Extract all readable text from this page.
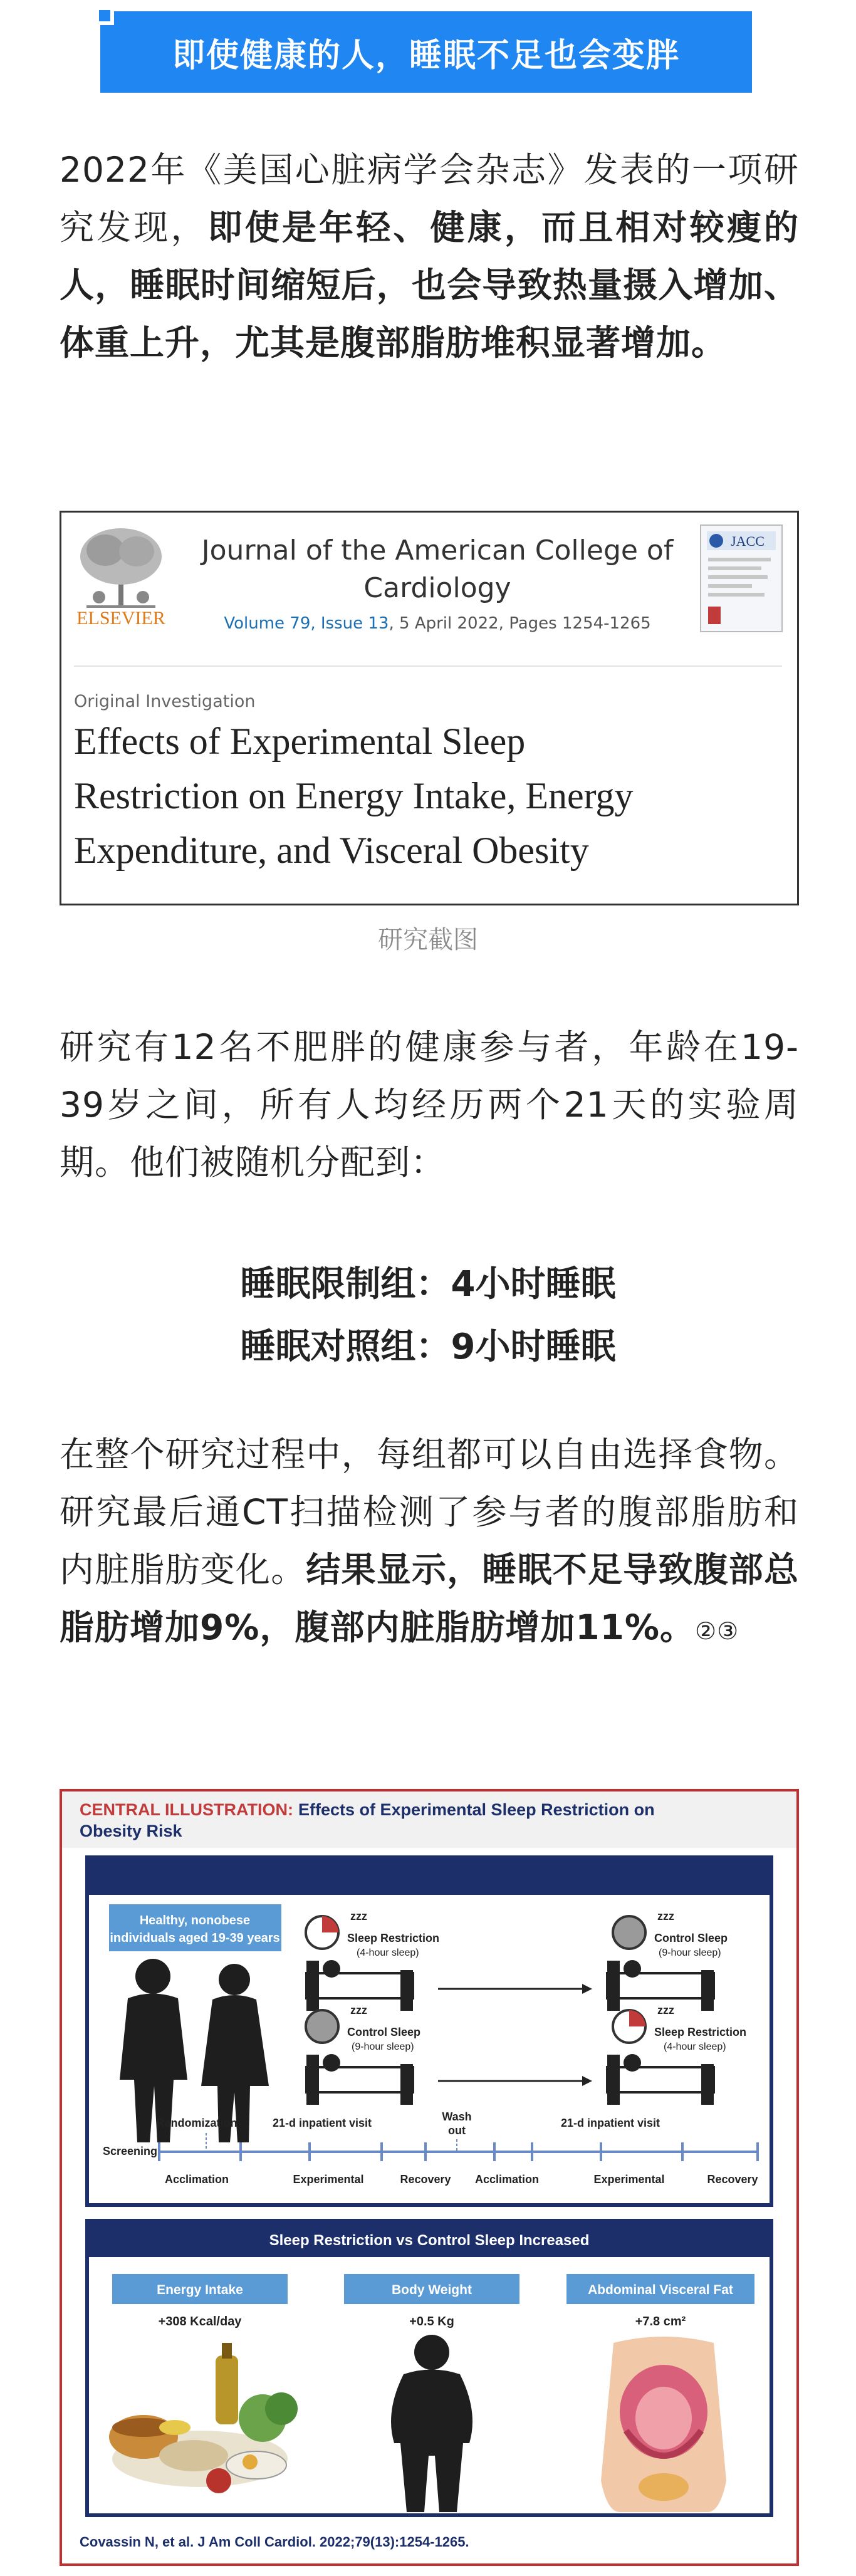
即使健康的人，睡眠不足也会变胖
2022年《美国心脏病学会杂志》发表的一项研究发现，即使是年轻、健康，而且相对较瘦的人，睡眠时间缩短后，也会导致热量摄入增加、体重上升，尤其是腹部脂肪堆积显著增加。
ELSEVIER
Journal of the American College of
Cardiology
Volume 79, Issue 13, 5 April 2022, Pages 1254-1265
JACC
Original Investigation
Effects of Experimental Sleep
Restriction on Energy Intake, Energy
Expenditure, and Visceral Obesity
研究截图
研究有12名不肥胖的健康参与者，年龄在19-39岁之间，所有人均经历两个21天的实验周期。他们被随机分配到：
睡眠限制组：4小时睡眠
睡眠对照组：9小时睡眠
在整个研究过程中，每组都可以自由选择食物。研究最后通CT扫描检测了参与者的腹部脂肪和内脏脂肪变化。结果显示，睡眠不足导致腹部总脂肪增加9%，腹部内脏脂肪增加11%。②③
CENTRAL ILLUSTRATION: Effects of Experimental Sleep Restriction on
Obesity Risk
Healthy, nonobese
individuals aged 19-39 years
zzz
Sleep Restriction
(4-hour sleep)
zzz
Control Sleep
(9-hour sleep)
zzz
Control Sleep
(9-hour sleep)
zzz
Sleep Restriction
(4-hour sleep)
Randomization	21-d inpatient visit	Wash
out
21-d inpatient visit
Screening
Acclimation	Experimental	Recovery Acclimation	Experimental	Recovery
Sleep Restriction vs Control Sleep Increased
Energy Intake
+308 Kcal/day
Body Weight
+0.5 Kg
Abdominal Visceral Fat
+7.8 cm²
Covassin N, et al. J Am Coll Cardiol. 2022;79(13):1254-1265.
